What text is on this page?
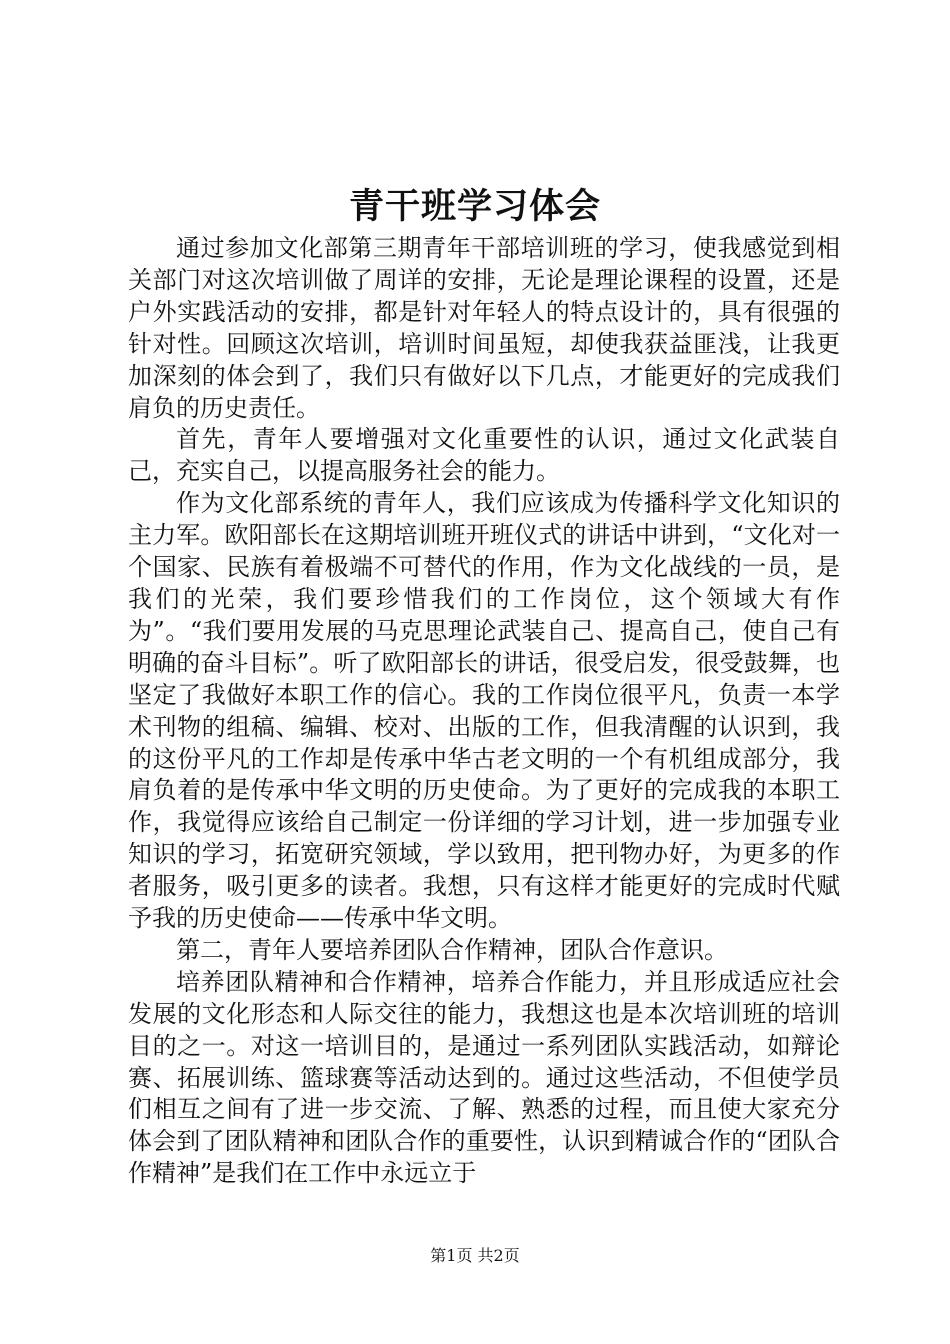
青干班学习体会

通过参加文化部第三期青年干部培训班的学习，使我感觉到相关部门对这次培训做了周详的安排，无论是理论课程的设置，还是户外实践活动的安排，都是针对年轻人的特点设计的，具有很强的针对性。回顾这次培训，培训时间虽短，却使我获益匪浅，让我更加深刻的体会到了，我们只有做好以下几点，才能更好的完成我们肩负的历史责任。

首先，青年人要增强对文化重要性的认识，通过文化武装自己，充实自己，以提高服务社会的能力。

作为文化部系统的青年人，我们应该成为传播科学文化知识的主力军。欧阳部长在这期培训班开班仪式的讲话中讲到，“文化对一个国家、民族有着极端不可替代的作用，作为文化战线的一员，是我们的光荣，我们要珍惜我们的工作岗位，这个领域大有作为”。“我们要用发展的马克思理论武装自己、提高自己，使自己有明确的奋斗目标”。听了欧阳部长的讲话，很受启发，很受鼓舞，也坚定了我做好本职工作的信心。我的工作岗位很平凡，负责一本学术刊物的组稿、编辑、校对、出版的工作，但我清醒的认识到，我的这份平凡的工作却是传承中华古老文明的一个有机组成部分，我肩负着的是传承中华文明的历史使命。为了更好的完成我的本职工作，我觉得应该给自己制定一份详细的学习计划，进一步加强专业知识的学习，拓宽研究领域，学以致用，把刊物办好，为更多的作者服务，吸引更多的读者。我想，只有这样才能更好的完成时代赋予我的历史使命——传承中华文明。

第二，青年人要培养团队合作精神，团队合作意识。

培养团队精神和合作精神，培养合作能力，并且形成适应社会发展的文化形态和人际交往的能力，我想这也是本次培训班的培训目的之一。对这一培训目的，是通过一系列团队实践活动，如辩论赛、拓展训练、篮球赛等活动达到的。通过这些活动，不但使学员们相互之间有了进一步交流、了解、熟悉的过程，而且使大家充分体会到了团队精神和团队合作的重要性，认识到精诚合作的“团队合作精神”是我们在工作中永远立于

第1页 共2页
